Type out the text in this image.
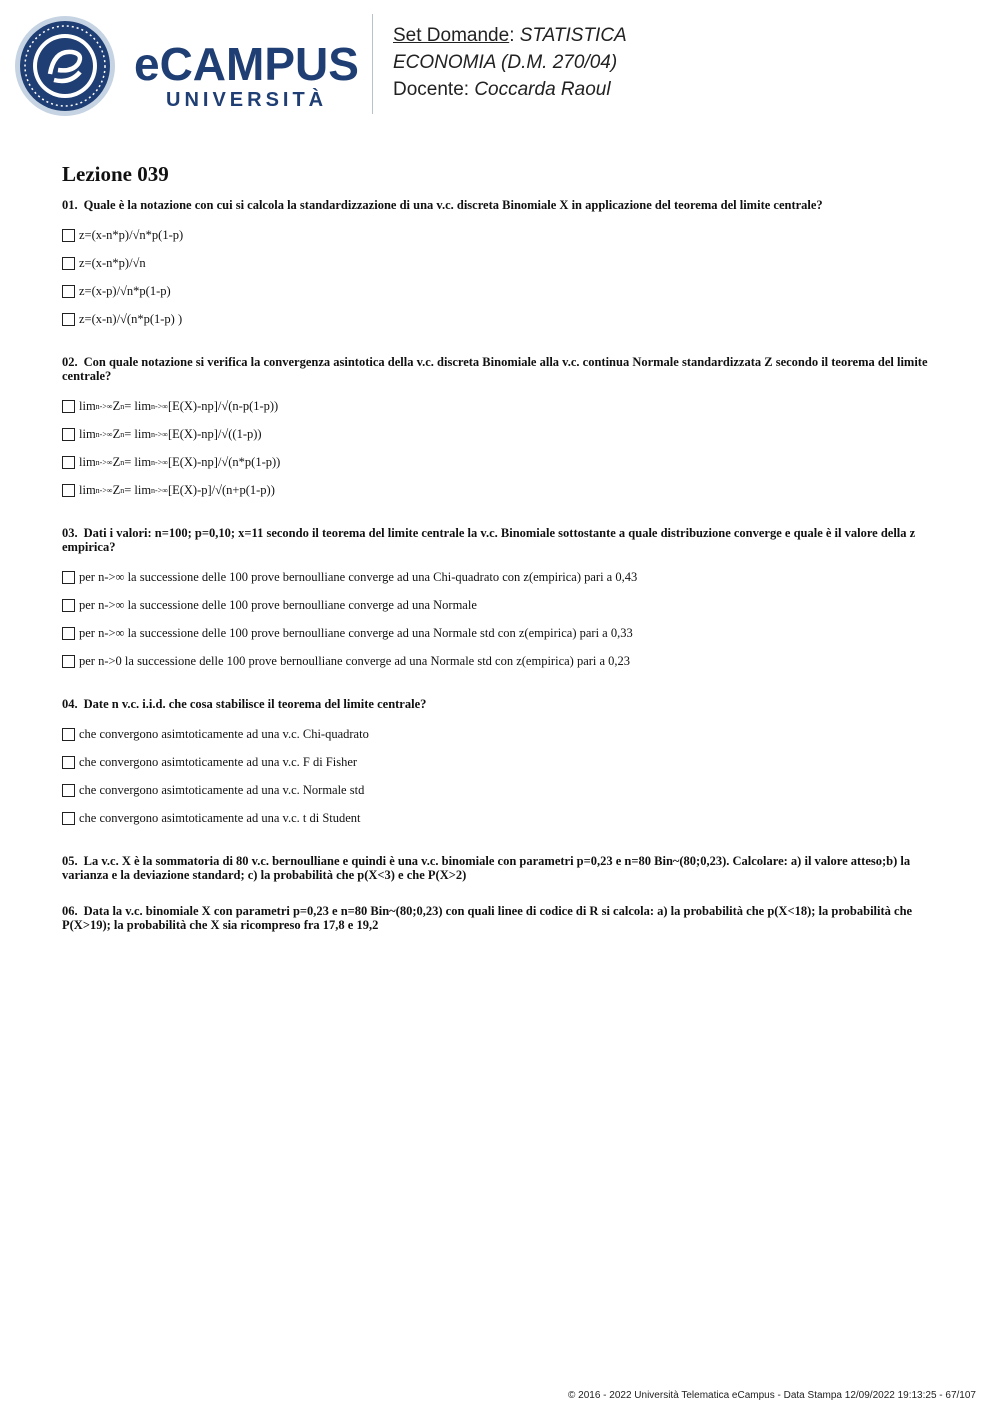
eCAMPUS
UNIVERSITÀ
Set Domande: STATISTICA
ECONOMIA (D.M. 270/04)
Docente: Coccarda Raoul
Lezione 039
01. Quale è la notazione con cui si calcola la standardizzazione di una v.c. discreta Binomiale X in applicazione del teorema del limite centrale?
z=(x-n*p)/√n*p(1-p)
z=(x-n*p)/√n
z=(x-p)/√n*p(1-p)
z=(x-n)/√(n*p(1-p) )
02. Con quale notazione si verifica la convergenza asintotica della v.c. discreta Binomiale alla v.c. continua Normale standardizzata Z secondo il teorema del limite centrale?
lim n->∞ Z n = lim n->∞ [E(X)-np]/√(n-p(1-p))
lim n->∞ Z n = lim n->∞ [E(X)-np]/√((1-p))
lim n->∞ Z n = lim n->∞ [E(X)-np]/√(n*p(1-p))
lim n->∞ Z n = lim n->∞ [E(X)-p]/√(n+p(1-p))
03. Dati i valori: n=100; p=0,10; x=11 secondo il teorema del limite centrale la v.c. Binomiale sottostante a quale distribuzione converge e quale è il valore della z empirica?
per n->∞ la successione delle 100 prove bernoulliane converge ad una Chi-quadrato con z(empirica) pari a 0,43
per n->∞ la successione delle 100 prove bernoulliane converge ad una Normale
per n->∞ la successione delle 100 prove bernoulliane converge ad una Normale std con z(empirica) pari a 0,33
per n->0 la successione delle 100 prove bernoulliane converge ad una Normale std con z(empirica) pari a 0,23
04. Date n v.c. i.i.d. che cosa stabilisce il teorema del limite centrale?
che convergono asimtoticamente ad una v.c. Chi-quadrato
che convergono asimtoticamente ad una v.c. F di Fisher
che convergono asimtoticamente ad una v.c. Normale std
che convergono asimtoticamente ad una v.c. t di Student
05. La v.c. X è la sommatoria di 80 v.c. bernoulliane e quindi è una v.c. binomiale con parametri p=0,23 e n=80 Bin~(80;0,23). Calcolare: a) il valore atteso;b) la varianza e la deviazione standard; c) la probabilità che p(X<3) e che P(X>2)
06. Data la v.c. binomiale X con parametri p=0,23 e n=80 Bin~(80;0,23) con quali linee di codice di R si calcola: a) la probabilità che p(X<18); la probabilità che P(X>19); la probabilità che X sia ricompreso fra 17,8 e 19,2
© 2016 - 2022 Università Telematica eCampus - Data Stampa 12/09/2022 19:13:25 - 67/107
